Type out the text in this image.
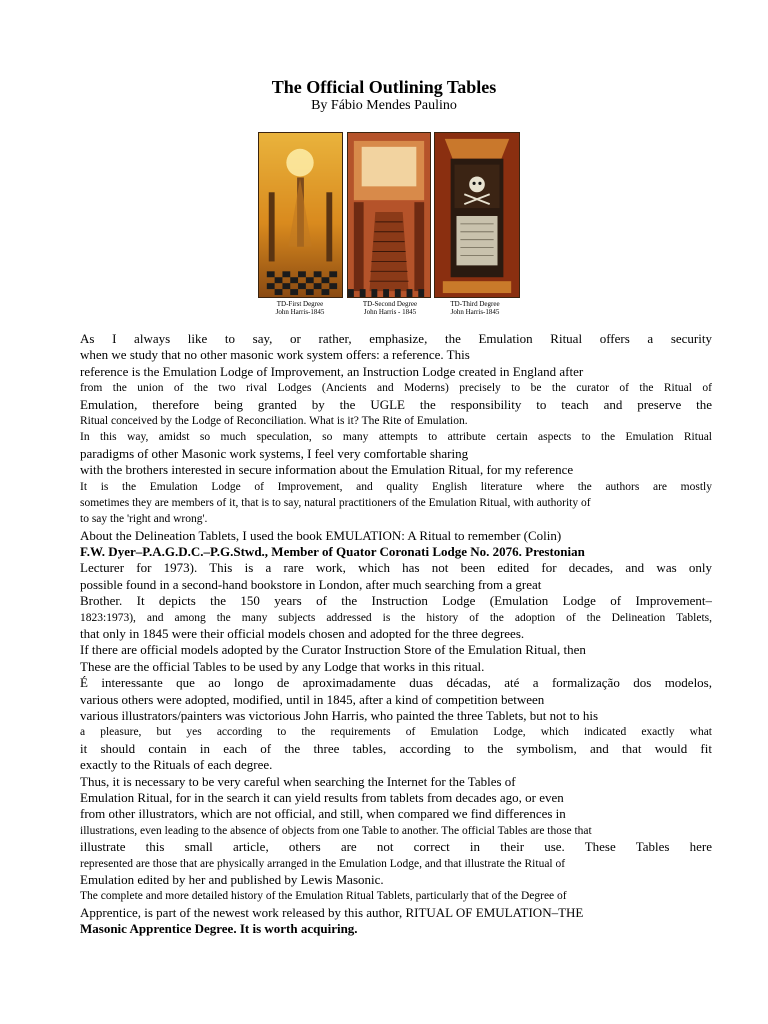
The Official Outlining Tables
By Fábio Mendes Paulino
TD-First Degree
John Harris-1845
TD-Second Degree
John Harris - 1845
TD-Third Degree
John Harris-1845
As I always like to say, or rather, emphasize, the Emulation Ritual offers a security
when we study that no other masonic work system offers: a reference. This
reference is the Emulation Lodge of Improvement, an Instruction Lodge created in England after
from the union of the two rival Lodges (Ancients and Moderns) precisely to be the curator of the Ritual of
Emulation, therefore being granted by the UGLE the responsibility to teach and preserve the
Ritual conceived by the Lodge of Reconciliation. What is it? The Rite of Emulation.
In this way, amidst so much speculation, so many attempts to attribute certain aspects to the Emulation Ritual
paradigms of other Masonic work systems, I feel very comfortable sharing
with the brothers interested in secure information about the Emulation Ritual, for my reference
It is the Emulation Lodge of Improvement, and quality English literature where the authors are mostly
sometimes they are members of it, that is to say, natural practitioners of the Emulation Ritual, with authority of
to say the 'right and wrong'.
About the Delineation Tablets, I used the book EMULATION: A Ritual to remember (Colin)
F.W. Dyer–P.A.G.D.C.–P.G.Stwd., Member of Quator Coronati Lodge No. 2076. Prestonian
Lecturer for 1973). This is a rare work, which has not been edited for decades, and was only
possible found in a second-hand bookstore in London, after much searching from a great
Brother. It depicts the 150 years of the Instruction Lodge (Emulation Lodge of Improvement–
1823:1973), and among the many subjects addressed is the history of the adoption of the Delineation Tablets,
that only in 1845 were their official models chosen and adopted for the three degrees.
If there are official models adopted by the Curator Instruction Store of the Emulation Ritual, then
These are the official Tables to be used by any Lodge that works in this ritual.
É interessante que ao longo de aproximadamente duas décadas, até a formalização dos modelos,
various others were adopted, modified, until in 1845, after a kind of competition between
various illustrators/painters was victorious John Harris, who painted the three Tablets, but not to his
a pleasure, but yes according to the requirements of Emulation Lodge, which indicated exactly what
it should contain in each of the three tables, according to the symbolism, and that would fit
exactly to the Rituals of each degree.
Thus, it is necessary to be very careful when searching the Internet for the Tables of
Emulation Ritual, for in the search it can yield results from tablets from decades ago, or even
from other illustrators, which are not official, and still, when compared we find differences in
illustrations, even leading to the absence of objects from one Table to another. The official Tables are those that
illustrate this small article, others are not correct in their use. These Tables here
represented are those that are physically arranged in the Emulation Lodge, and that illustrate the Ritual of
Emulation edited by her and published by Lewis Masonic.
The complete and more detailed history of the Emulation Ritual Tablets, particularly that of the Degree of
Apprentice, is part of the newest work released by this author, RITUAL OF EMULATION–THE
Masonic Apprentice Degree. It is worth acquiring.
